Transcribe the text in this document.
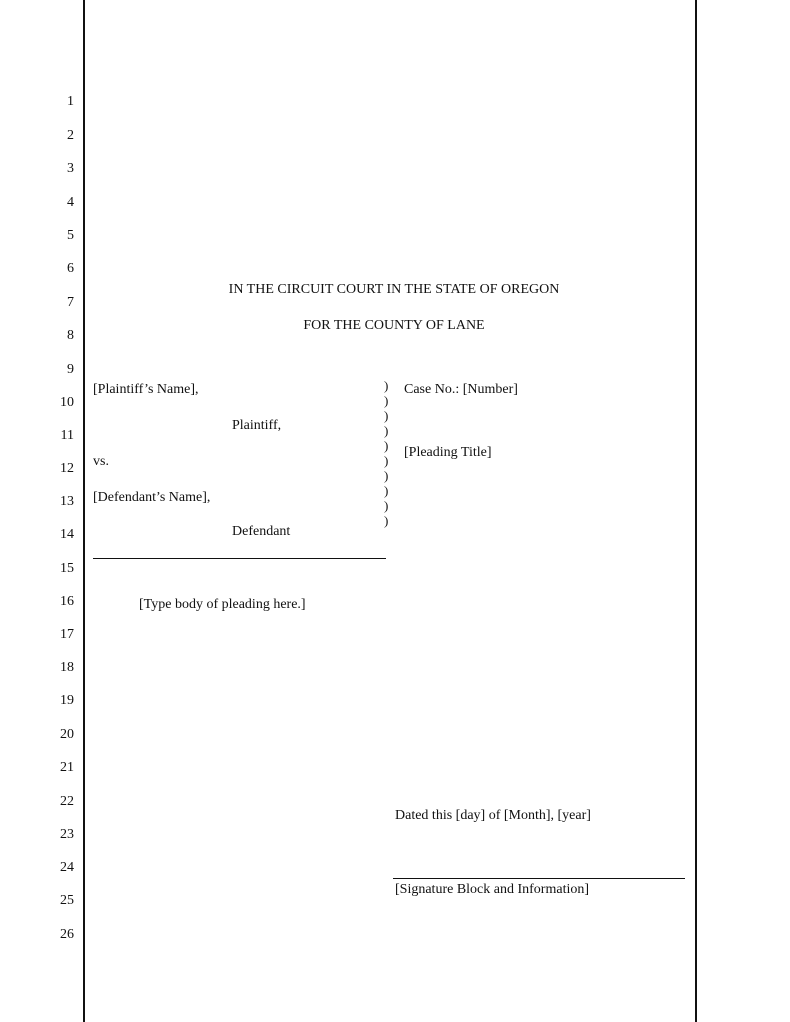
1
2
3
4
5
6
7
8
9
10
11
12
13
14
15
16
17
18
19
20
21
22
23
24
25
26
IN THE CIRCUIT COURT IN THE STATE OF OREGON
FOR THE COUNTY OF LANE
[Plaintiff’s Name],
Plaintiff,
vs.
[Defendant’s Name],
Defendant
)
)
)
)
)
)
)
)
)
)
Case No.: [Number]
[Pleading Title]
[Type body of pleading here.]
Dated this [day] of [Month], [year]
[Signature Block and Information]
